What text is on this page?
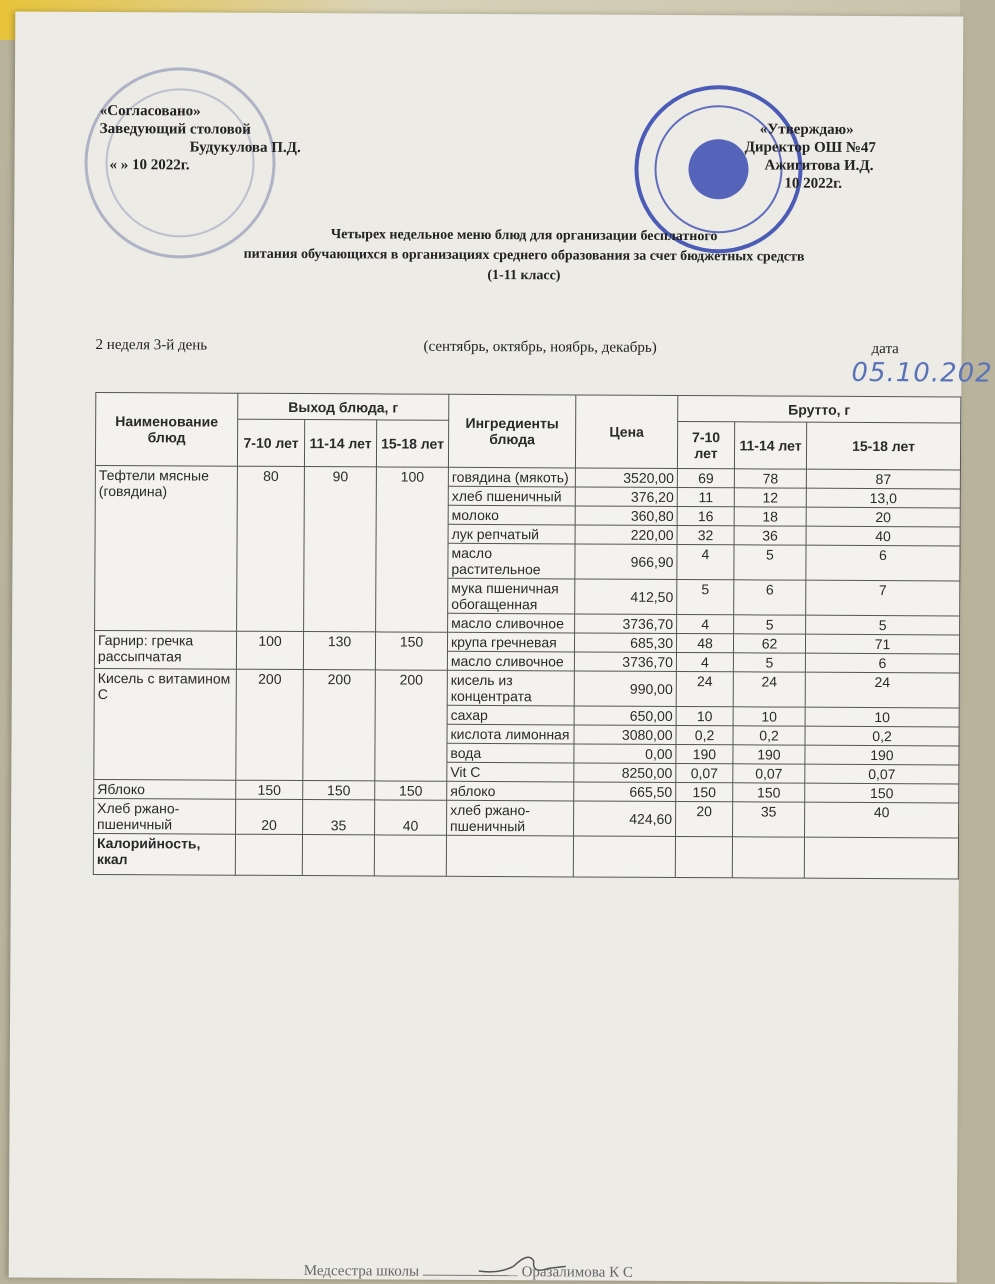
«Согласовано»
Заведующий столовой
Будукулова П.Д.
« » 10 2022г.
«Утверждаю»
Директор ОШ №47
Ажигитова И.Д.
10 2022г.
Четырех недельное меню блюд для организации бесплатного
питания обучающихся в организациях среднего образования за счет бюджетных средств
(1-11 класс)
2 неделя 3-й день	(сентябрь, октябрь, ноябрь, декабрь)	дата
05.10.202
Наименование блюд	Выход блюда, г			Ингредиенты блюда	Цена	Брутто, г		
	7-10 лет	11-14 лет	15-18 лет			7-10 лет	11-14 лет	15-18 лет
Тефтели мясные (говядина)	80	90	100	говядина (мякоть)	3520,00	69	78	87
				хлеб пшеничный	376,20	11	12	13,0
				молоко	360,80	16	18	20
				лук репчатый	220,00	32	36	40
				масло растительное	966,90	4	5	6
				мука пшеничная обогащенная	412,50	5	6	7
				масло сливочное	3736,70	4	5	5
Гарнир: гречка рассыпчатая	100	130	150	крупа гречневая	685,30	48	62	71
				масло сливочное	3736,70	4	5	6
Кисель с витамином С	200	200	200	кисель из концентрата	990,00	24	24	24
				сахар	650,00	10	10	10
				кислота лимонная	3080,00	0,2	0,2	0,2
				вода	0,00	190	190	190
				Vit C	8250,00	0,07	0,07	0,07
Яблоко	150	150	150	яблоко	665,50	150	150	150
Хлеб ржано-пшеничный	20	35	40	хлеб ржано-пшеничный	424,60	20	35	40
Калорийность, ккал								
Медсестра школы	Оразалимова К С
